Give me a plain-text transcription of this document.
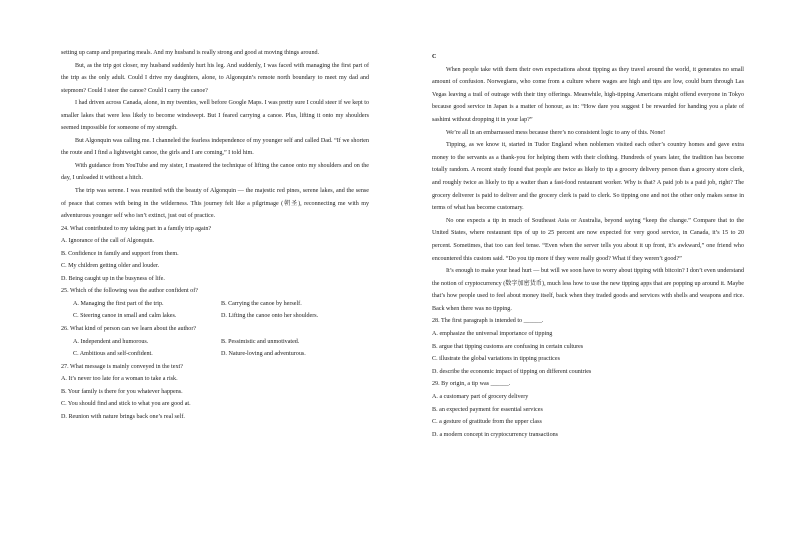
setting up camp and preparing meals. And my husband is really strong and good at moving things around.

But, as the trip got closer, my husband suddenly hurt his leg. And suddenly, I was faced with managing the first part of the trip as the only adult. Could I drive my daughters, alone, to Algonquin’s remote north boundary to meet my dad and stepmom? Could I steer the canoe? Could I carry the canoe?

I had driven across Canada, alone, in my twenties, well before Google Maps. I was pretty sure I could steer if we kept to smaller lakes that were less likely to become windswept. But I feared carrying a canoe. Plus, lifting it onto my shoulders seemed impossible for someone of my strength.

But Algonquin was calling me. I channeled the fearless independence of my younger self and called Dad. “If we shorten the route and I find a lightweight canoe, the girls and I are coming,” I told him.

With guidance from YouTube and my sister, I mastered the technique of lifting the canoe onto my shoulders and on the day, I unloaded it without a hitch.

The trip was serene. I was reunited with the beauty of Algonquin — the majestic red pines, serene lakes, and the sense of peace that comes with being in the wilderness. This journey felt like a pilgrimage (朝圣), reconnecting me with my adventurous younger self who isn’t extinct, just out of practice.

24. What contributed to my taking part in a family trip again?

A. Ignorance of the call of Algonquin.

B. Confidence in family and support from them.

C. My children getting older and louder.

D. Being caught up in the busyness of life.

25. Which of the following was the author confident of?

A. Managing the first part of the trip.	B. Carrying the canoe by herself.
C. Steering canoe in small and calm lakes.	D. Lifting the canoe onto her shoulders.

26. What kind of person can we learn about the author?

A. Independent and humorous.	B. Pessimistic and unmotivated.
C. Ambitious and self-confident.	D. Nature-loving and adventurous.

27. What message is mainly conveyed in the text?

A. It’s never too late for a woman to take a risk.

B. Your family is there for you whatever happens.

C. You should find and stick to what you are good at.

D. Reunion with nature brings back one’s real self.

C

When people take with them their own expectations about tipping as they travel around the world, it generates no small amount of confusion. Norwegians, who come from a culture where wages are high and tips are low, could burn through Las Vegas leaving a trail of outrage with their tiny offerings. Meanwhile, high-tipping Americans might offend everyone in Tokyo because good service in Japan is a matter of honour, as in: “How dare you suggest I be rewarded for handing you a plate of sashimi without dropping it in your lap?”

We’re all in an embarrassed mess because there’s no consistent logic to any of this. None!

Tipping, as we know it, started in Tudor England when noblemen visited each other’s country homes and gave extra money to the servants as a thank-you for helping them with their clothing. Hundreds of years later, the tradition has become totally random. A recent study found that people are twice as likely to tip a grocery delivery person than a grocery store clerk, and roughly twice as likely to tip a waiter than a fast-food restaurant worker. Why is that? A paid job is a paid job, right? The grocery deliverer is paid to deliver and the grocery clerk is paid to clerk. So tipping one and not the other only makes sense in terms of what has become customary.

No one expects a tip in much of Southeast Asia or Australia, beyond saying “keep the change.” Compare that to the United States, where restaurant tips of up to 25 percent are now expected for very good service, in Canada, it’s 15 to 20 percent. Sometimes, that too can feel tense. “Even when the server tells you about it up front, it’s awkward,” one friend who encountered this custom said. “Do you tip more if they were really good? What if they weren’t good?”

It’s enough to make your head hurt — but will we soon have to worry about tipping with bitcoin? I don’t even understand the notion of cryptocurrency (数字加密货币), much less how to use the new tipping apps that are popping up around it. Maybe that’s how people used to feel about money itself, back when they traded goods and services with shells and weapons and rice. Back when there was no tipping.

28. The first paragraph is intended to ______.

A. emphasize the universal importance of tipping

B. argue that tipping customs are confusing in certain cultures

C. illustrate the global variations in tipping practices

D. describe the economic impact of tipping on different countries

29. By origin, a tip was ______.

A. a customary part of grocery delivery

B. an expected payment for essential services

C. a gesture of gratitude from the upper class

D. a modern concept in cryptocurrency transactions
